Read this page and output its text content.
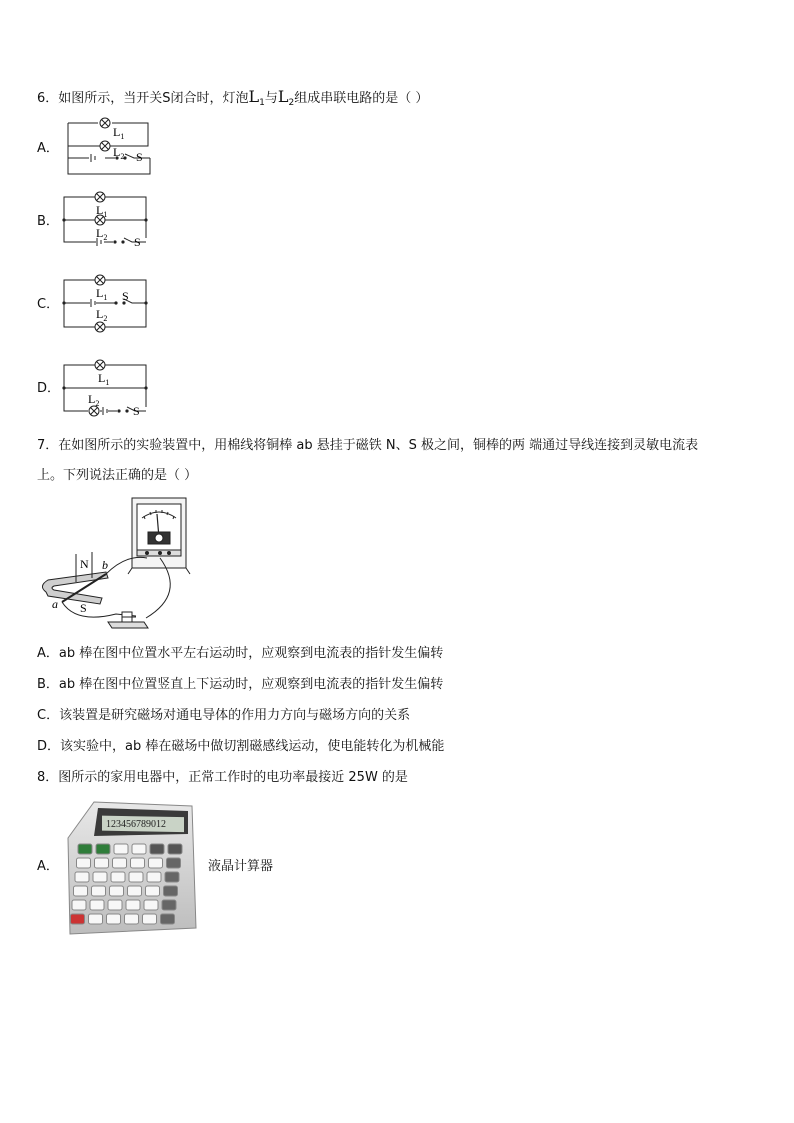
6．如图所示，当开关S闭合时，灯泡$L_1$与$L_2$组成串联电路的是（ ）
A．
B．
C．
D．
$L_1$
$L_2$ S
$L_1$
$L_2$ S
$L_1$
$L_2$
S
$L_1$
$L_2$
S
7．在如图所示的实验装置中，用棉线将铜棒 ab 悬挂于磁铁 N、S 极之间，铜棒的两 端通过导线连接到灵敏电流表
上。下列说法正确的是（ ）
N
S
a
b
A．ab 棒在图中位置水平左右运动时，应观察到电流表的指针发生偏转
B．ab 棒在图中位置竖直上下运动时，应观察到电流表的指针发生偏转
C．该装置是研究磁场对通电导体的作用力方向与磁场方向的关系
D．该实验中，ab 棒在磁场中做切割磁感线运动，使电能转化为机械能
8．图所示的家用电器中，正常工作时的电功率最接近 25W 的是
A．
123456789012
液晶计算器
